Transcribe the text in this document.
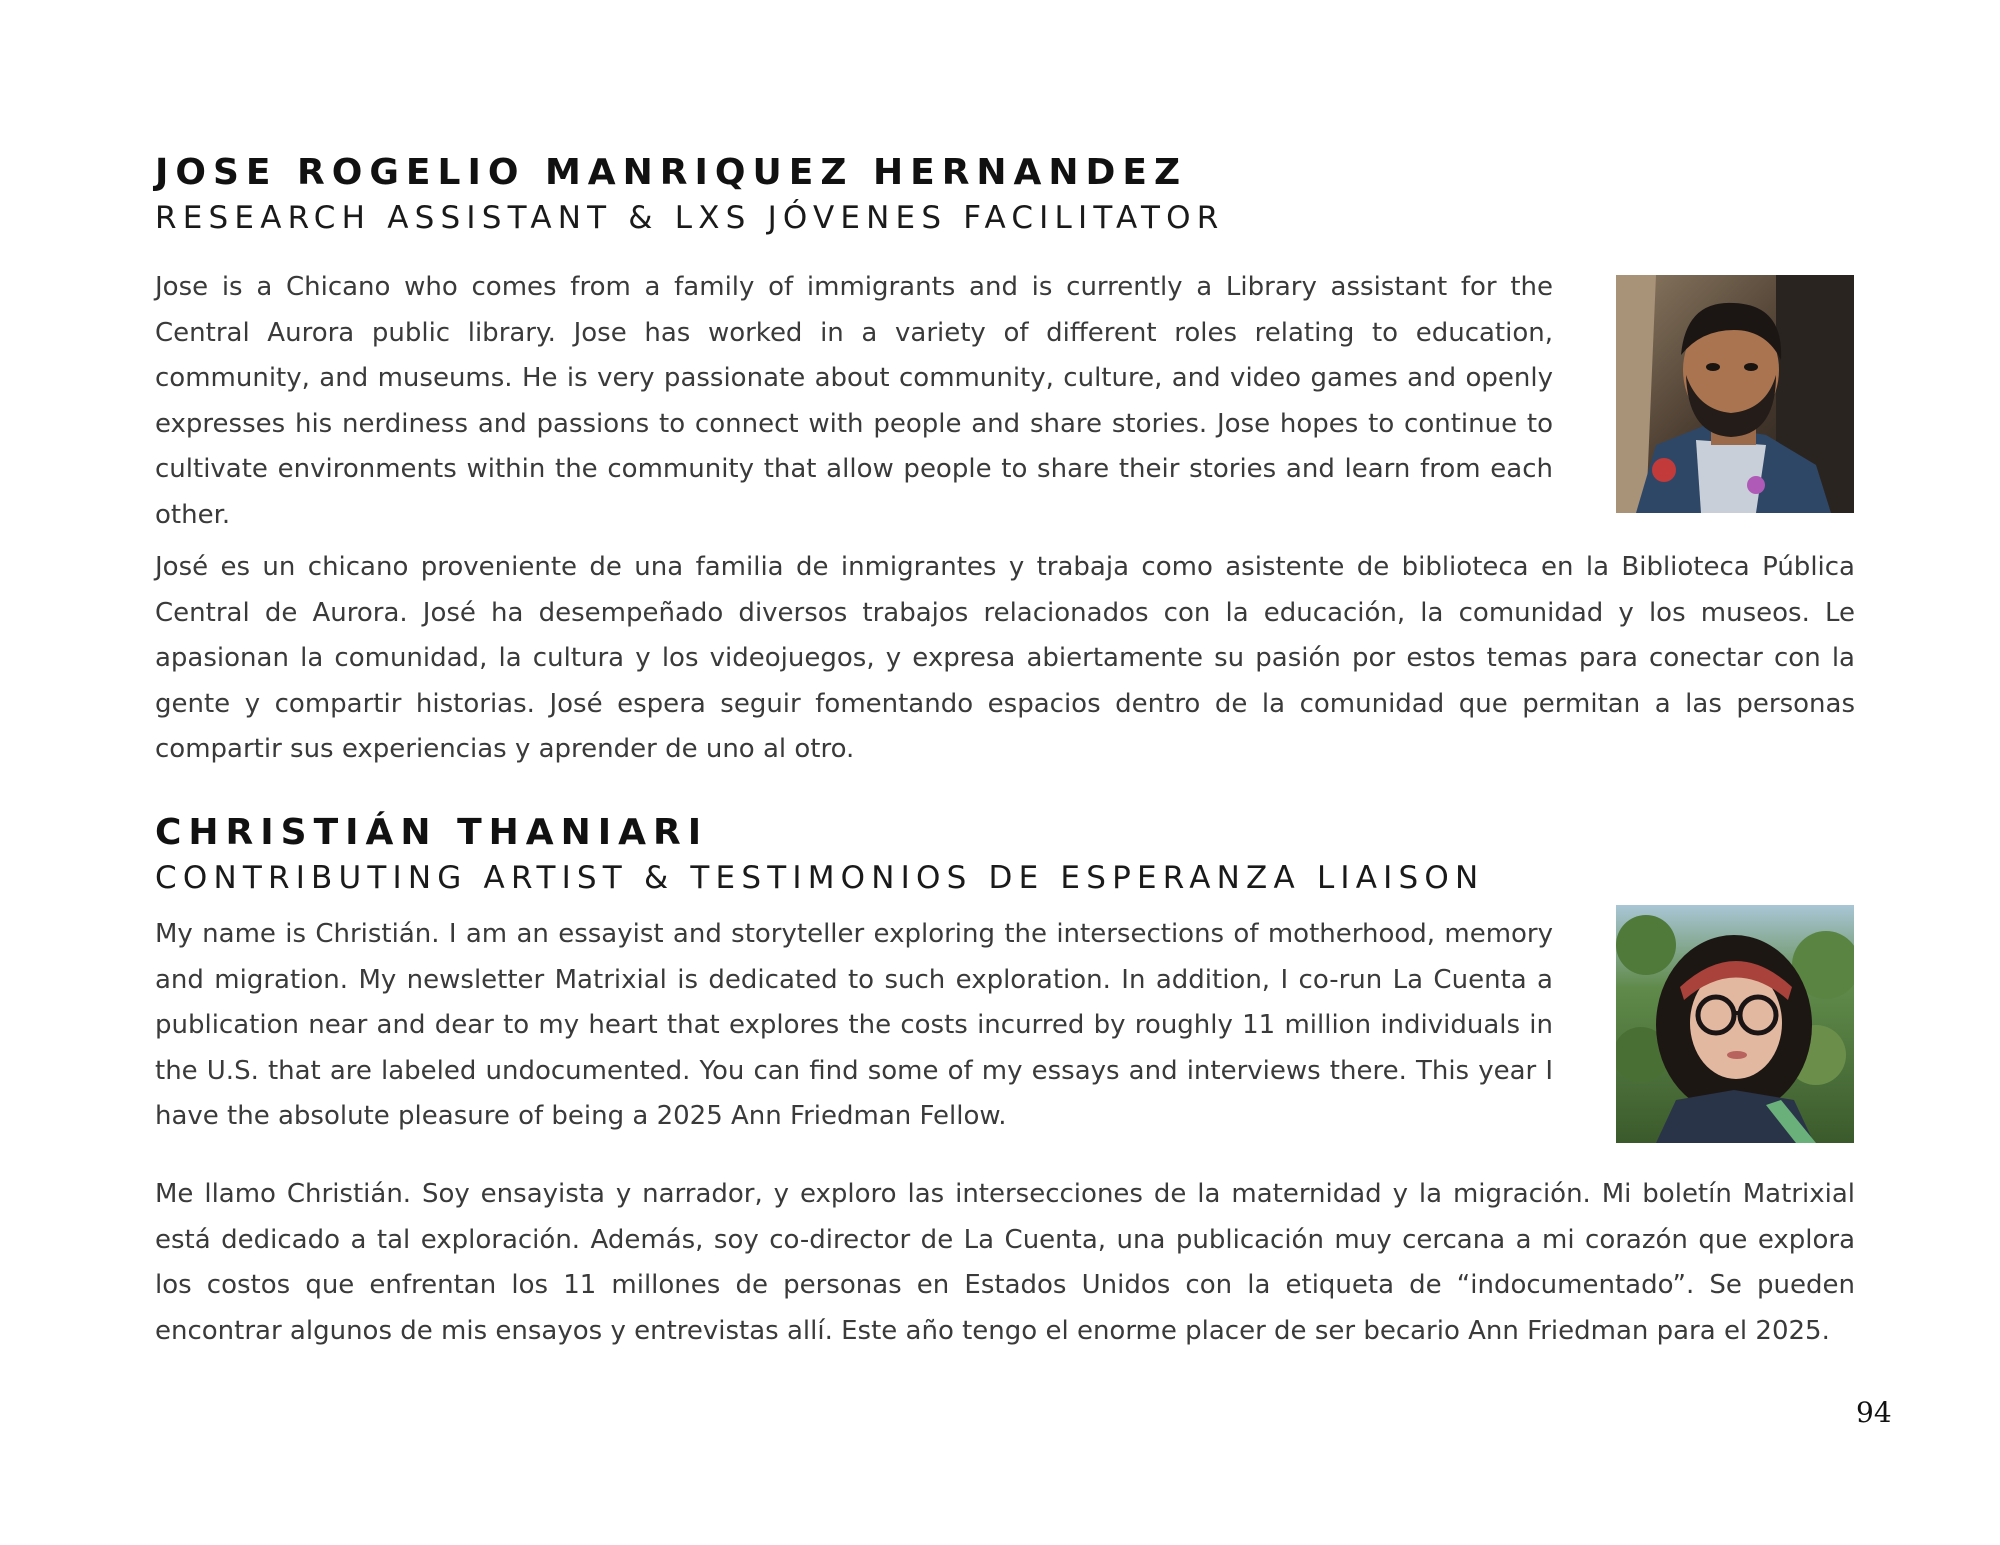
JOSE ROGELIO MANRIQUEZ HERNANDEZ
RESEARCH ASSISTANT & LXS JÓVENES FACILITATOR

Jose is a Chicano who comes from a family of immigrants and is currently a Library assistant for the Central Aurora public library. Jose has worked in a variety of different roles relating to education, community, and museums. He is very passionate about community, culture, and video games and openly expresses his nerdiness and passions to connect with people and share stories. Jose hopes to continue to cultivate environments within the community that allow people to share their stories and learn from each other.

José es un chicano proveniente de una familia de inmigrantes y trabaja como asistente de biblioteca en la Biblioteca Pública Central de Aurora. José ha desempeñado diversos trabajos relacionados con la educación, la comunidad y los museos. Le apasionan la comunidad, la cultura y los videojuegos, y expresa abiertamente su pasión por estos temas para conectar con la gente y compartir historias. José espera seguir fomentando espacios dentro de la comunidad que permitan a las personas compartir sus experiencias y aprender de uno al otro.

CHRISTIÁN THANIARI
CONTRIBUTING ARTIST & TESTIMONIOS DE ESPERANZA LIAISON

My name is Christián. I am an essayist and storyteller exploring the intersections of motherhood, memory and migration. My newsletter Matrixial is dedicated to such exploration. In addition, I co-run La Cuenta a publication near and dear to my heart that explores the costs incurred by roughly 11 million individuals in the U.S. that are labeled undocumented. You can find some of my essays and interviews there. This year I have the absolute pleasure of being a 2025 Ann Friedman Fellow.

Me llamo Christián. Soy ensayista y narrador, y exploro las intersecciones de la maternidad y la migración. Mi boletín Matrixial está dedicado a tal exploración. Además, soy co-director de La Cuenta, una publicación muy cercana a mi corazón que explora los costos que enfrentan los 11 millones de personas en Estados Unidos con la etiqueta de “indocumentado”. Se pueden encontrar algunos de mis ensayos y entrevistas allí. Este año tengo el enorme placer de ser becario Ann Friedman para el 2025.

94
